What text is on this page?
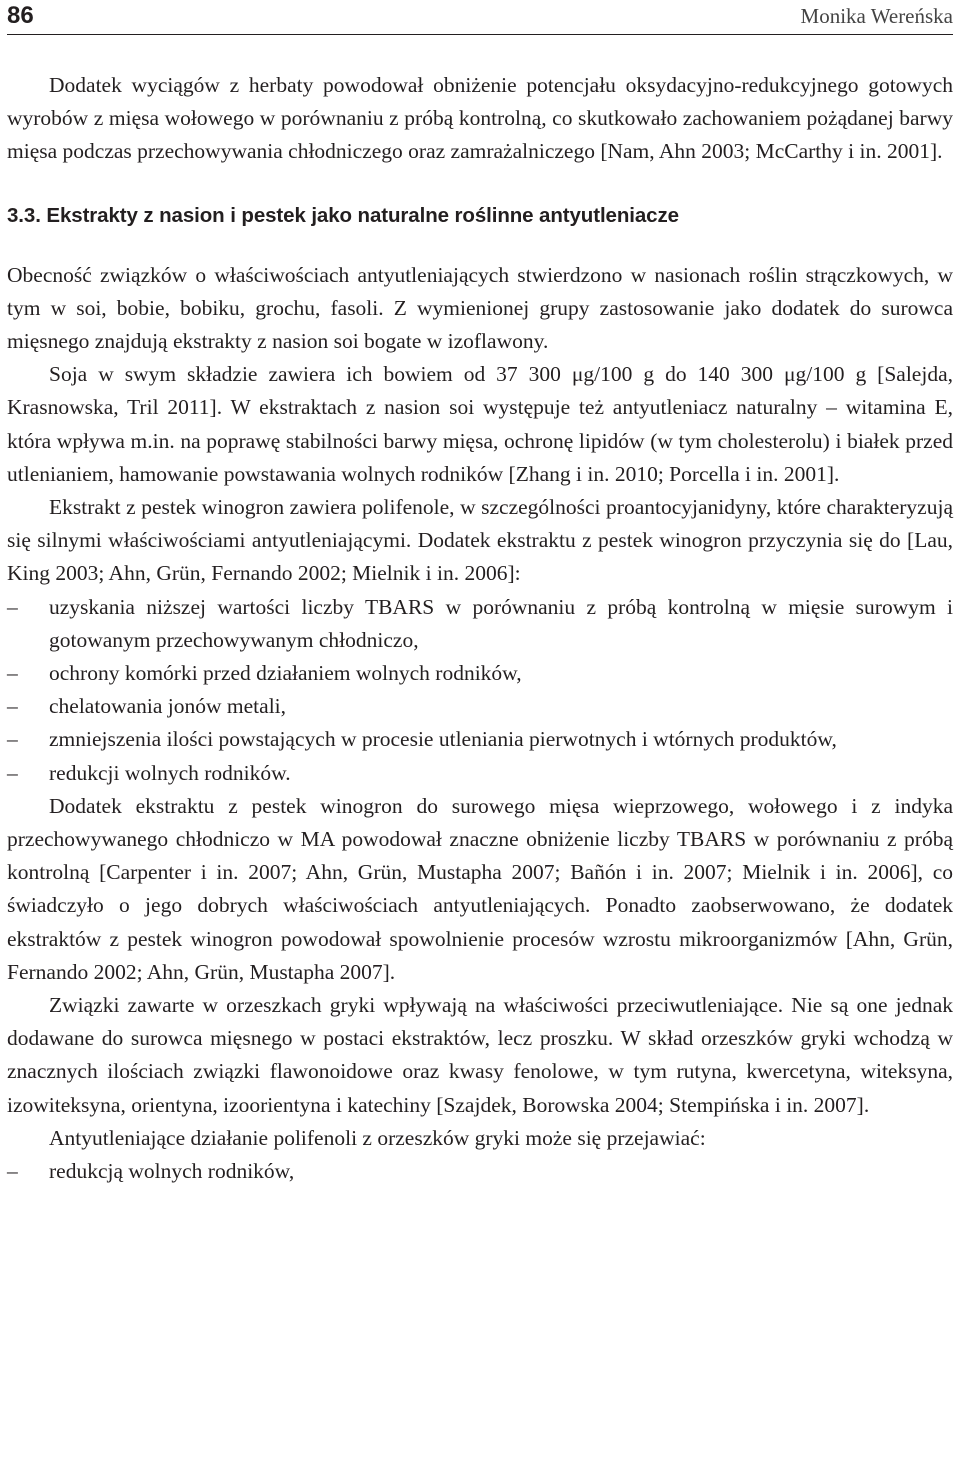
86	Monika Wereńska

Dodatek wyciągów z herbaty powodował obniżenie potencjału oksydacyjno-redukcyjnego gotowych wyrobów z mięsa wołowego w porównaniu z próbą kontrolną, co skutkowało zachowaniem pożądanej barwy mięsa podczas przechowywania chłodniczego oraz zamrażalniczego [Nam, Ahn 2003; McCarthy i in. 2001].

3.3. Ekstrakty z nasion i pestek jako naturalne roślinne antyutleniacze

Obecność związków o właściwościach antyutleniających stwierdzono w nasionach roślin strączkowych, w tym w soi, bobie, bobiku, grochu, fasoli. Z wymienionej grupy zastosowanie jako dodatek do surowca mięsnego znajdują ekstrakty z nasion soi bogate w izoflawony.

Soja w swym składzie zawiera ich bowiem od 37 300 μg/100 g do 140 300 μg/100 g [Salejda, Krasnowska, Tril 2011]. W ekstraktach z nasion soi występuje też antyutleniacz naturalny – witamina E, która wpływa m.in. na poprawę stabilności barwy mięsa, ochronę lipidów (w tym cholesterolu) i białek przed utlenianiem, hamowanie powstawania wolnych rodników [Zhang i in. 2010; Porcella i in. 2001].

Ekstrakt z pestek winogron zawiera polifenole, w szczególności proantocyjanidyny, które charakteryzują się silnymi właściwościami antyutleniającymi. Dodatek ekstraktu z pestek winogron przyczynia się do [Lau, King 2003; Ahn, Grün, Fernando 2002; Mielnik i in. 2006]:

– uzyskania niższej wartości liczby TBARS w porównaniu z próbą kontrolną w mięsie surowym i gotowanym przechowywanym chłodniczo,
– ochrony komórki przed działaniem wolnych rodników,
– chelatowania jonów metali,
– zmniejszenia ilości powstających w procesie utleniania pierwotnych i wtórnych produktów,
– redukcji wolnych rodników.

Dodatek ekstraktu z pestek winogron do surowego mięsa wieprzowego, wołowego i z indyka przechowywanego chłodniczo w MA powodował znaczne obniżenie liczby TBARS w porównaniu z próbą kontrolną [Carpenter i in. 2007; Ahn, Grün, Mustapha 2007; Bañón i in. 2007; Mielnik i in. 2006], co świadczyło o jego dobrych właściwościach antyutleniających. Ponadto zaobserwowano, że dodatek ekstraktów z pestek winogron powodował spowolnienie procesów wzrostu mikroorganizmów [Ahn, Grün, Fernando 2002; Ahn, Grün, Mustapha 2007].

Związki zawarte w orzeszkach gryki wpływają na właściwości przeciwutleniające. Nie są one jednak dodawane do surowca mięsnego w postaci ekstraktów, lecz proszku. W skład orzeszków gryki wchodzą w znacznych ilościach związki flawonoidowe oraz kwasy fenolowe, w tym rutyna, kwercetyna, witeksyna, izowiteksyna, orientyna, izoorientyna i katechiny [Szajdek, Borowska 2004; Stempińska i in. 2007].

Antyutleniające działanie polifenoli z orzeszków gryki może się przejawiać:

– redukcją wolnych rodników,
